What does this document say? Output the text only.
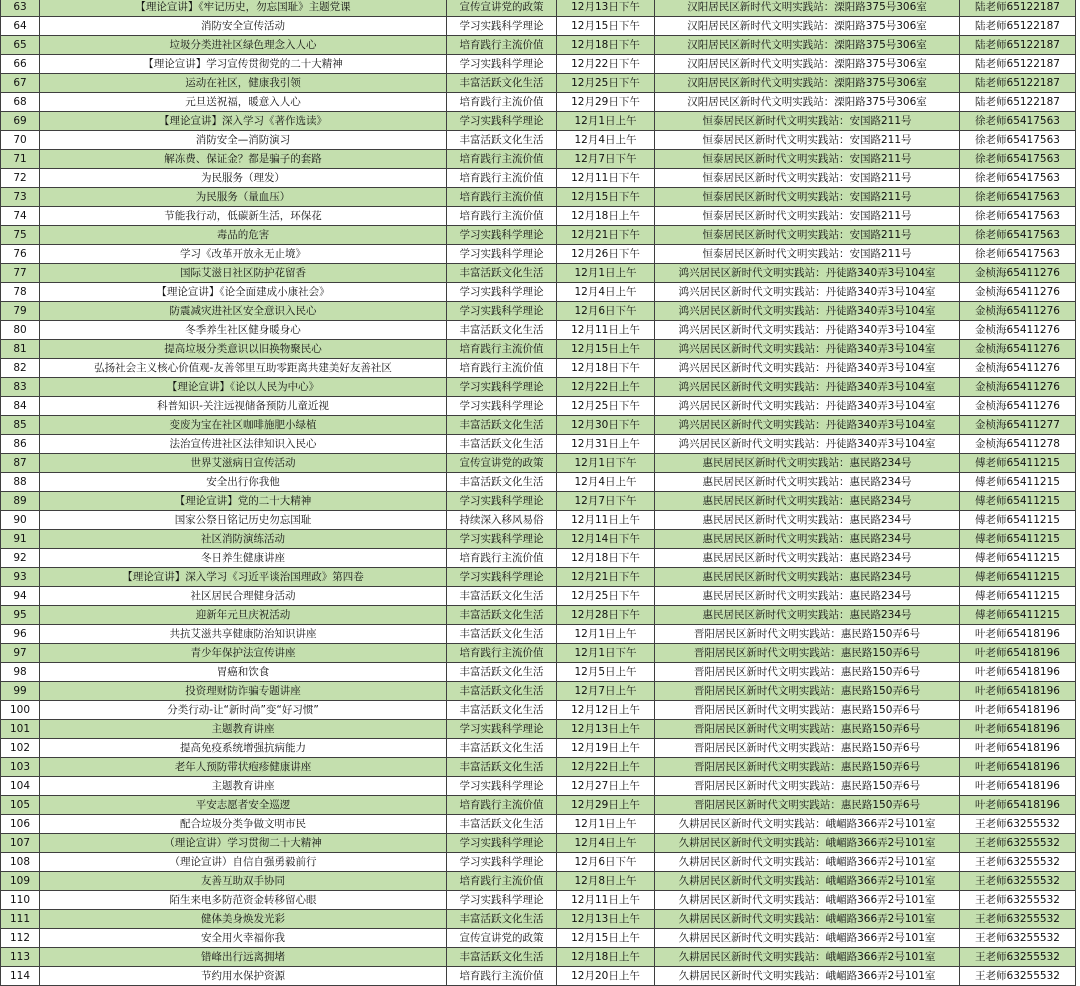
63	【理论宣讲】《牢记历史，勿忘国耻》主题党课	宣传宣讲党的政策	12月13日下午	汉阳居民区新时代文明实践站：溧阳路375号306室	陆老师65122187
64	消防安全宣传活动	学习实践科学理论	12月15日下午	汉阳居民区新时代文明实践站：溧阳路375号306室	陆老师65122187
65	垃圾分类进社区绿色理念入人心	培育践行主流价值	12月18日下午	汉阳居民区新时代文明实践站：溧阳路375号306室	陆老师65122187
66	【理论宣讲】学习宣传贯彻党的二十大精神	学习实践科学理论	12月22日下午	汉阳居民区新时代文明实践站：溧阳路375号306室	陆老师65122187
67	运动在社区，健康我引领	丰富活跃文化生活	12月25日下午	汉阳居民区新时代文明实践站：溧阳路375号306室	陆老师65122187
68	元旦送祝福，暖意入人心	培育践行主流价值	12月29日下午	汉阳居民区新时代文明实践站：溧阳路375号306室	陆老师65122187
69	【理论宣讲】深入学习《著作选读》	学习实践科学理论	12月1日上午	恒泰居民区新时代文明实践站：安国路211号	徐老师65417563
70	消防安全—消防演习	丰富活跃文化生活	12月4日上午	恒泰居民区新时代文明实践站：安国路211号	徐老师65417563
71	解冻费、保证金？都是骗子的套路	培育践行主流价值	12月7日下午	恒泰居民区新时代文明实践站：安国路211号	徐老师65417563
72	为民服务（理发）	培育践行主流价值	12月11日下午	恒泰居民区新时代文明实践站：安国路211号	徐老师65417563
73	为民服务（量血压）	培育践行主流价值	12月15日下午	恒泰居民区新时代文明实践站：安国路211号	徐老师65417563
74	节能我行动，低碳新生活，环保花	培育践行主流价值	12月18日上午	恒泰居民区新时代文明实践站：安国路211号	徐老师65417563
75	毒品的危害	学习实践科学理论	12月21日下午	恒泰居民区新时代文明实践站：安国路211号	徐老师65417563
76	学习《改革开放永无止境》	学习实践科学理论	12月26日下午	恒泰居民区新时代文明实践站：安国路211号	徐老师65417563
77	国际艾滋日社区防护花留香	丰富活跃文化生活	12月1日上午	鸿兴居民区新时代文明实践站：丹徒路340弄3号104室	金桢海65411276
78	【理论宣讲】《论全面建成小康社会》	学习实践科学理论	12月4日上午	鸿兴居民区新时代文明实践站：丹徒路340弄3号104室	金桢海65411276
79	防震减灾进社区安全意识入民心	学习实践科学理论	12月6日下午	鸿兴居民区新时代文明实践站：丹徒路340弄3号104室	金桢海65411276
80	冬季养生社区健身暖身心	丰富活跃文化生活	12月11日上午	鸿兴居民区新时代文明实践站：丹徒路340弄3号104室	金桢海65411276
81	提高垃圾分类意识以旧换物聚民心	培育践行主流价值	12月15日上午	鸿兴居民区新时代文明实践站：丹徒路340弄3号104室	金桢海65411276
82	弘扬社会主义核心价值观-友善邻里互助零距离共建美好友善社区	培育践行主流价值	12月18日下午	鸿兴居民区新时代文明实践站：丹徒路340弄3号104室	金桢海65411276
83	【理论宣讲】《论以人民为中心》	学习实践科学理论	12月22日上午	鸿兴居民区新时代文明实践站：丹徒路340弄3号104室	金桢海65411276
84	科普知识-关注远视储备预防儿童近视	学习实践科学理论	12月25日下午	鸿兴居民区新时代文明实践站：丹徒路340弄3号104室	金桢海65411276
85	变废为宝在社区咖啡施肥小绿植	丰富活跃文化生活	12月30日下午	鸿兴居民区新时代文明实践站：丹徒路340弄3号104室	金桢海65411277
86	法治宣传进社区法律知识入民心	丰富活跃文化生活	12月31日上午	鸿兴居民区新时代文明实践站：丹徒路340弄3号104室	金桢海65411278
87	世界艾滋病日宣传活动	宣传宣讲党的政策	12月1日下午	惠民居民区新时代文明实践站：惠民路234号	傅老师65411215
88	安全出行你我他	丰富活跃文化生活	12月4日上午	惠民居民区新时代文明实践站：惠民路234号	傅老师65411215
89	【理论宣讲】党的二十大精神	学习实践科学理论	12月7日下午	惠民居民区新时代文明实践站：惠民路234号	傅老师65411215
90	国家公祭日铭记历史勿忘国耻	持续深入移风易俗	12月11日上午	惠民居民区新时代文明实践站：惠民路234号	傅老师65411215
91	社区消防演练活动	学习实践科学理论	12月14日下午	惠民居民区新时代文明实践站：惠民路234号	傅老师65411215
92	冬日养生健康讲座	培育践行主流价值	12月18日下午	惠民居民区新时代文明实践站：惠民路234号	傅老师65411215
93	【理论宣讲】深入学习《习近平谈治国理政》第四卷	学习实践科学理论	12月21日下午	惠民居民区新时代文明实践站：惠民路234号	傅老师65411215
94	社区居民合理健身活动	丰富活跃文化生活	12月25日下午	惠民居民区新时代文明实践站：惠民路234号	傅老师65411215
95	迎新年元旦庆祝活动	丰富活跃文化生活	12月28日下午	惠民居民区新时代文明实践站：惠民路234号	傅老师65411215
96	共抗艾滋共享健康防治知识讲座	丰富活跃文化生活	12月1日上午	晋阳居民区新时代文明实践站：惠民路150弄6号	叶老师65418196
97	青少年保护法宣传讲座	培育践行主流价值	12月1日下午	晋阳居民区新时代文明实践站：惠民路150弄6号	叶老师65418196
98	胃癌和饮食	丰富活跃文化生活	12月5日上午	晋阳居民区新时代文明实践站：惠民路150弄6号	叶老师65418196
99	投资理财防诈骗专题讲座	丰富活跃文化生活	12月7日上午	晋阳居民区新时代文明实践站：惠民路150弄6号	叶老师65418196
100	分类行动-让“新时尚”变“好习惯”	丰富活跃文化生活	12月12日上午	晋阳居民区新时代文明实践站：惠民路150弄6号	叶老师65418196
101	主题教育讲座	学习实践科学理论	12月13日上午	晋阳居民区新时代文明实践站：惠民路150弄6号	叶老师65418196
102	提高免疫系统增强抗病能力	丰富活跃文化生活	12月19日上午	晋阳居民区新时代文明实践站：惠民路150弄6号	叶老师65418196
103	老年人预防带状疱疹健康讲座	丰富活跃文化生活	12月22日上午	晋阳居民区新时代文明实践站：惠民路150弄6号	叶老师65418196
104	主题教育讲座	学习实践科学理论	12月27日上午	晋阳居民区新时代文明实践站：惠民路150弄6号	叶老师65418196
105	平安志愿者安全巡逻	培育践行主流价值	12月29日上午	晋阳居民区新时代文明实践站：惠民路150弄6号	叶老师65418196
106	配合垃圾分类争做文明市民	丰富活跃文化生活	12月1日上午	久耕居民区新时代文明实践站：峨嵋路366弄2号101室	王老师63255532
107	（理论宣讲）学习贯彻二十大精神	学习实践科学理论	12月4日上午	久耕居民区新时代文明实践站：峨嵋路366弄2号101室	王老师63255532
108	（理论宣讲）自信自强勇毅前行	学习实践科学理论	12月6日下午	久耕居民区新时代文明实践站：峨嵋路366弄2号101室	王老师63255532
109	友善互助双手协同	培育践行主流价值	12月8日上午	久耕居民区新时代文明实践站：峨嵋路366弄2号101室	王老师63255532
110	陌生来电多防范资金转移留心眼	学习实践科学理论	12月11日上午	久耕居民区新时代文明实践站：峨嵋路366弄2号101室	王老师63255532
111	健体美身焕发光彩	丰富活跃文化生活	12月13日上午	久耕居民区新时代文明实践站：峨嵋路366弄2号101室	王老师63255532
112	安全用火幸福你我	宣传宣讲党的政策	12月15日上午	久耕居民区新时代文明实践站：峨嵋路366弄2号101室	王老师63255532
113	错峰出行远离拥堵	丰富活跃文化生活	12月18日上午	久耕居民区新时代文明实践站：峨嵋路366弄2号101室	王老师63255532
114	节约用水保护资源	培育践行主流价值	12月20日上午	久耕居民区新时代文明实践站：峨嵋路366弄2号101室	王老师63255532
